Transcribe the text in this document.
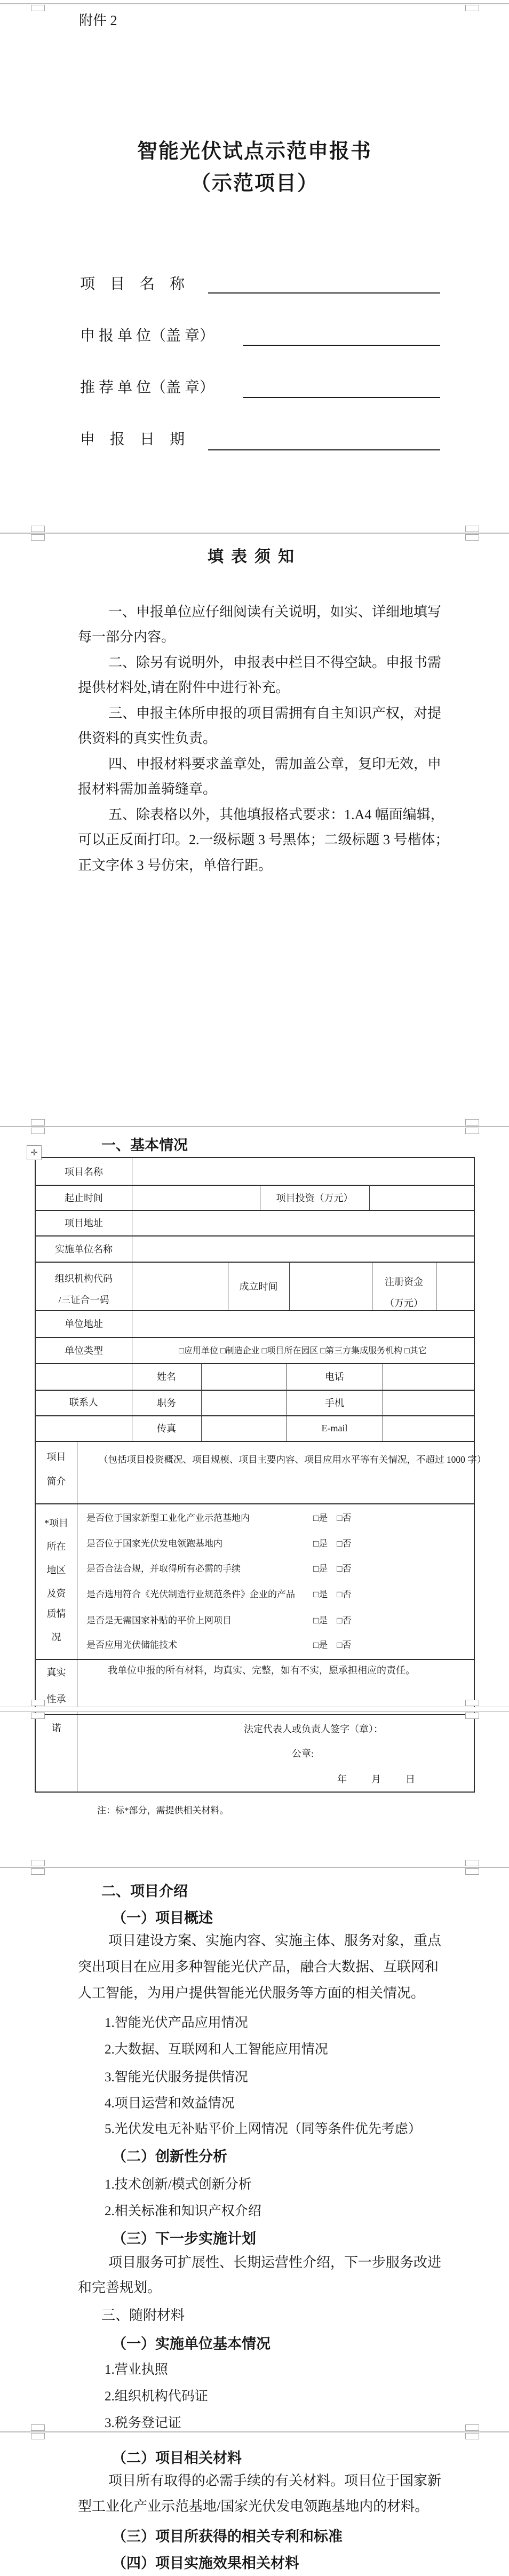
附件 2
智能光伏试点示范申报书
（示范项目）
项　目　名　称
申 报 单 位（盖 章）
推 荐 单 位（盖 章）
申　报　日　期
填表须知
一、申报单位应仔细阅读有关说明，如实、详细地填写
每一部分内容。
二、除另有说明外，申报表中栏目不得空缺。申报书需
提供材料处,请在附件中进行补充。
三、申报主体所申报的项目需拥有自主知识产权，对提
供资料的真实性负责。
四、申报材料要求盖章处，需加盖公章，复印无效，申
报材料需加盖骑缝章。
五、除表格以外，其他填报格式要求：1.A4 幅面编辑，
可以正反面打印。2.一级标题 3 号黑体；二级标题 3 号楷体；
正文字体 3 号仿宋，单倍行距。
一、基本情况
✛
项目名称
起止时间	项目投资（万元）
项目地址
实施单位名称
组织机构代码
/三证合一码
成立时间	注册资金
（万元）
单位地址
单位类型	□应用单位 □制造企业 □项目所在园区 □第三方集成服务机构 □其它
联系人
姓名	电话
职务	手机
传真	E-mail
项目
简介
（包括项目投资概况、项目规模、项目主要内容、项目应用水平等有关情况，不超过 1000 字）
*项目
所在
地区
及资
质情
况
是否位于国家新型工业化产业示范基地内	□是　□否
是否位于国家光伏发电领跑基地内	□是　□否
是否合法合规，并取得所有必需的手续	□是　□否
是否选用符合《光伏制造行业规范条件》企业的产品 □是　□否
是否是无需国家补贴的平价上网项目	□是　□否
是否应用光伏储能技术	□是　□否
真实
性承
诺
我单位申报的所有材料，均真实、完整，如有不实，愿承担相应的责任。
法定代表人或负责人签字（章）：
公章:
年　月　日
注：标*部分，需提供相关材料。
二、项目介绍
（一）项目概述
项目建设方案、实施内容、实施主体、服务对象，重点
突出项目在应用多种智能光伏产品，融合大数据、互联网和
人工智能，为用户提供智能光伏服务等方面的相关情况。
1.智能光伏产品应用情况
2.大数据、互联网和人工智能应用情况
3.智能光伏服务提供情况
4.项目运营和效益情况
5.光伏发电无补贴平价上网情况（同等条件优先考虑）
（二）创新性分析
1.技术创新/模式创新分析
2.相关标准和知识产权介绍
（三）下一步实施计划
项目服务可扩展性、长期运营性介绍，下一步服务改进
和完善规划。
三、随附材料
（一）实施单位基本情况
1.营业执照
2.组织机构代码证
3.税务登记证
（二）项目相关材料
项目所有取得的必需手续的有关材料。项目位于国家新
型工业化产业示范基地/国家光伏发电领跑基地内的材料。
（三）项目所获得的相关专利和标准
（四）项目实施效果相关材料
